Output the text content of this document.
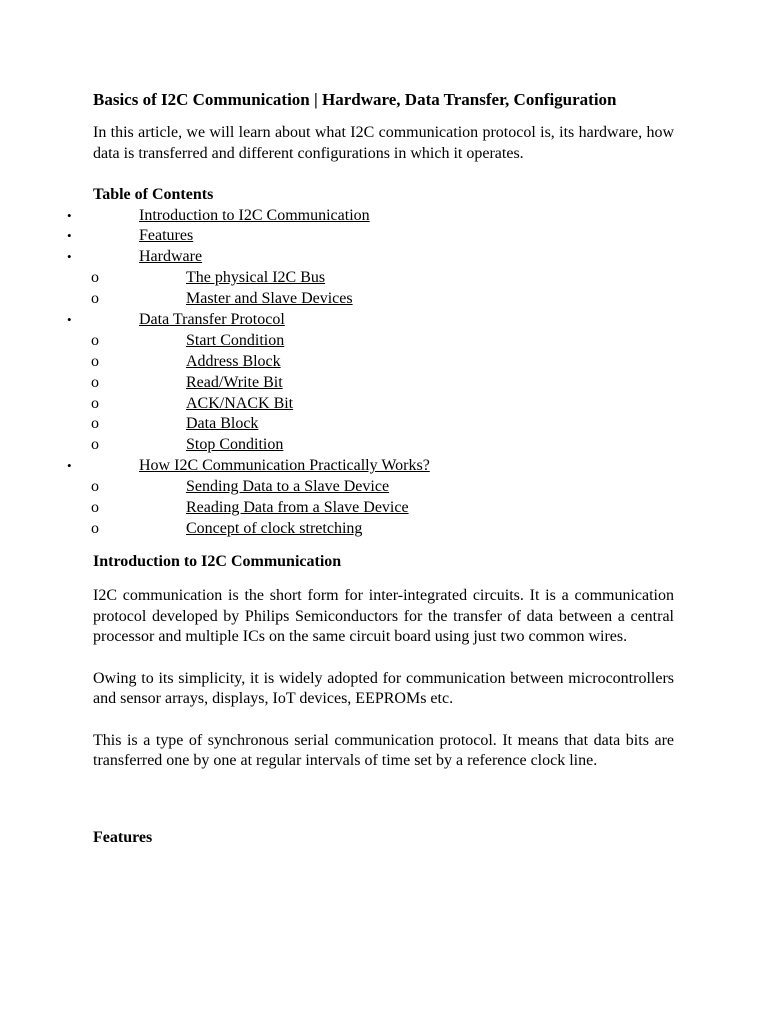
Basics of I2C Communication | Hardware, Data Transfer, Configuration

In this article, we will learn about what I2C communication protocol is, its hardware, how data is transferred and different configurations in which it operates.

Table of Contents
•	Introduction to I2C Communication
•	Features
•	Hardware
o	The physical I2C Bus
o	Master and Slave Devices
•	Data Transfer Protocol
o	Start Condition
o	Address Block
o	Read/Write Bit
o	ACK/NACK Bit
o	Data Block
o	Stop Condition
•	How I2C Communication Practically Works?
o	Sending Data to a Slave Device
o	Reading Data from a Slave Device
o	Concept of clock stretching
Introduction to I2C Communication

I2C communication is the short form for inter-integrated circuits. It is a communication protocol developed by Philips Semiconductors for the transfer of data between a central processor and multiple ICs on the same circuit board using just two common wires.

Owing to its simplicity, it is widely adopted for communication between microcontrollers and sensor arrays, displays, IoT devices, EEPROMs etc.

This is a type of synchronous serial communication protocol. It means that data bits are transferred one by one at regular intervals of time set by a reference clock line.

Features
